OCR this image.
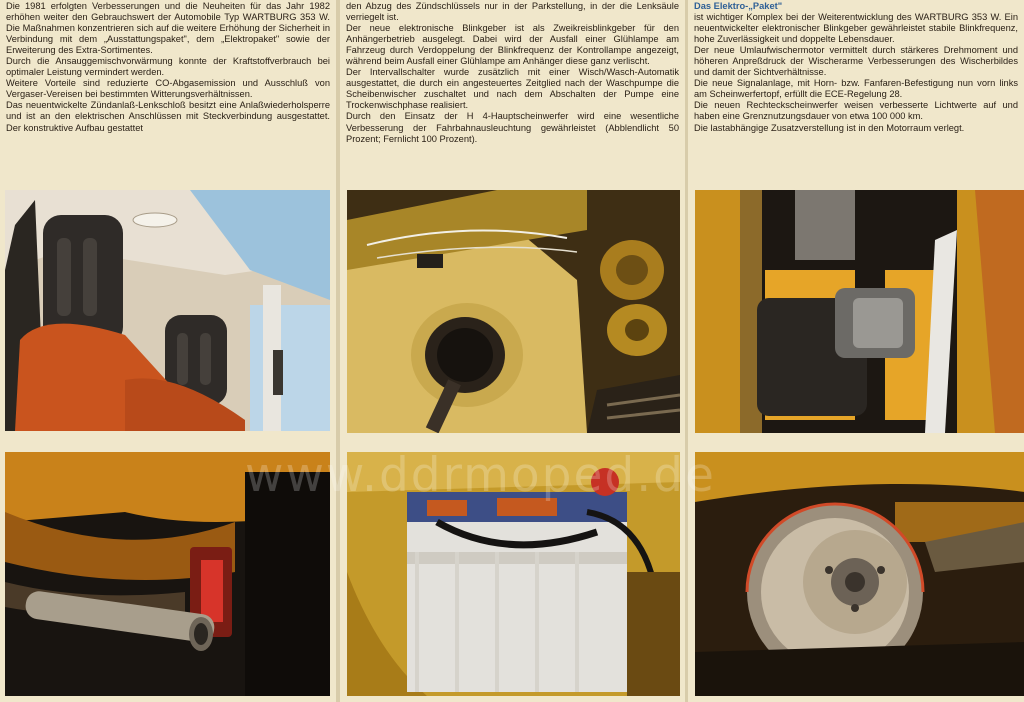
Die 1981 erfolgten Verbesserungen und die Neuheiten für das Jahr 1982 erhöhen weiter den Gebrauchswert der Automobile Typ WARTBURG 353 W. Die Maßnahmen konzentrieren sich auf die weitere Erhöhung der Sicherheit in Verbindung mit dem „Ausstattungspaket", dem „Elektropaket" sowie der Erweiterung des Extra-Sortimentes.

Durch die Ansauggemischvorwärmung konnte der Kraftstoffverbrauch bei optimaler Leistung vermindert werden.

Weitere Vorteile sind reduzierte CO-Abgasemission und Ausschluß von Vergaser-Vereisen bei bestimmten Witterungsverhältnissen.

Das neuentwickelte Zündanlaß-Lenkschloß besitzt eine Anlaßwiederholsperre und ist an den elektrischen Anschlüssen mit Steckverbindung ausgestattet. Der konstruktive Aufbau gestattet

den Abzug des Zündschlüssels nur in der Parkstellung, in der die Lenksäule verriegelt ist.

Der neue elektronische Blinkgeber ist als Zweikreisblinkgeber für den Anhängerbetrieb ausgelegt. Dabei wird der Ausfall einer Glühlampe am Fahrzeug durch Verdoppelung der Blinkfrequenz der Kontrollampe angezeigt, während beim Ausfall einer Glühlampe am Anhänger diese ganz verlischt.

Der Intervallschalter wurde zusätzlich mit einer Wisch/Wasch-Automatik ausgestattet, die durch ein angesteuertes Zeitglied nach der Waschpumpe die Scheibenwischer zuschaltet und nach dem Abschalten der Pumpe eine Trockenwischphase realisiert.

Durch den Einsatz der H 4-Hauptscheinwerfer wird eine wesentliche Verbesserung der Fahrbahnausleuchtung gewährleistet (Abblendlicht 50 Prozent; Fernlicht 100 Prozent).

Das Elektro-„Paket"

ist wichtiger Komplex bei der Weiterentwicklung des WARTBURG 353 W. Ein neuentwickelter elektronischer Blinkgeber gewährleistet stabile Blinkfrequenz, hohe Zuverlässigkeit und doppelte Lebensdauer.

Der neue Umlaufwischermotor vermittelt durch stärkeres Drehmoment und höheren Anpreßdruck der Wischerarme Verbesserungen des Wischerbildes und damit der Sichtverhältnisse.

Die neue Signalanlage, mit Horn- bzw. Fanfaren-Befestigung nun vorn links am Scheinwerfertopf, erfüllt die ECE-Regelung 28.

Die neuen Rechteckscheinwerfer weisen verbesserte Lichtwerte auf und haben eine Grenznutzungsdauer von etwa 100 000 km.

Die lastabhängige Zusatzverstellung ist in den Motorraum verlegt.

www.ddrmoped.de
